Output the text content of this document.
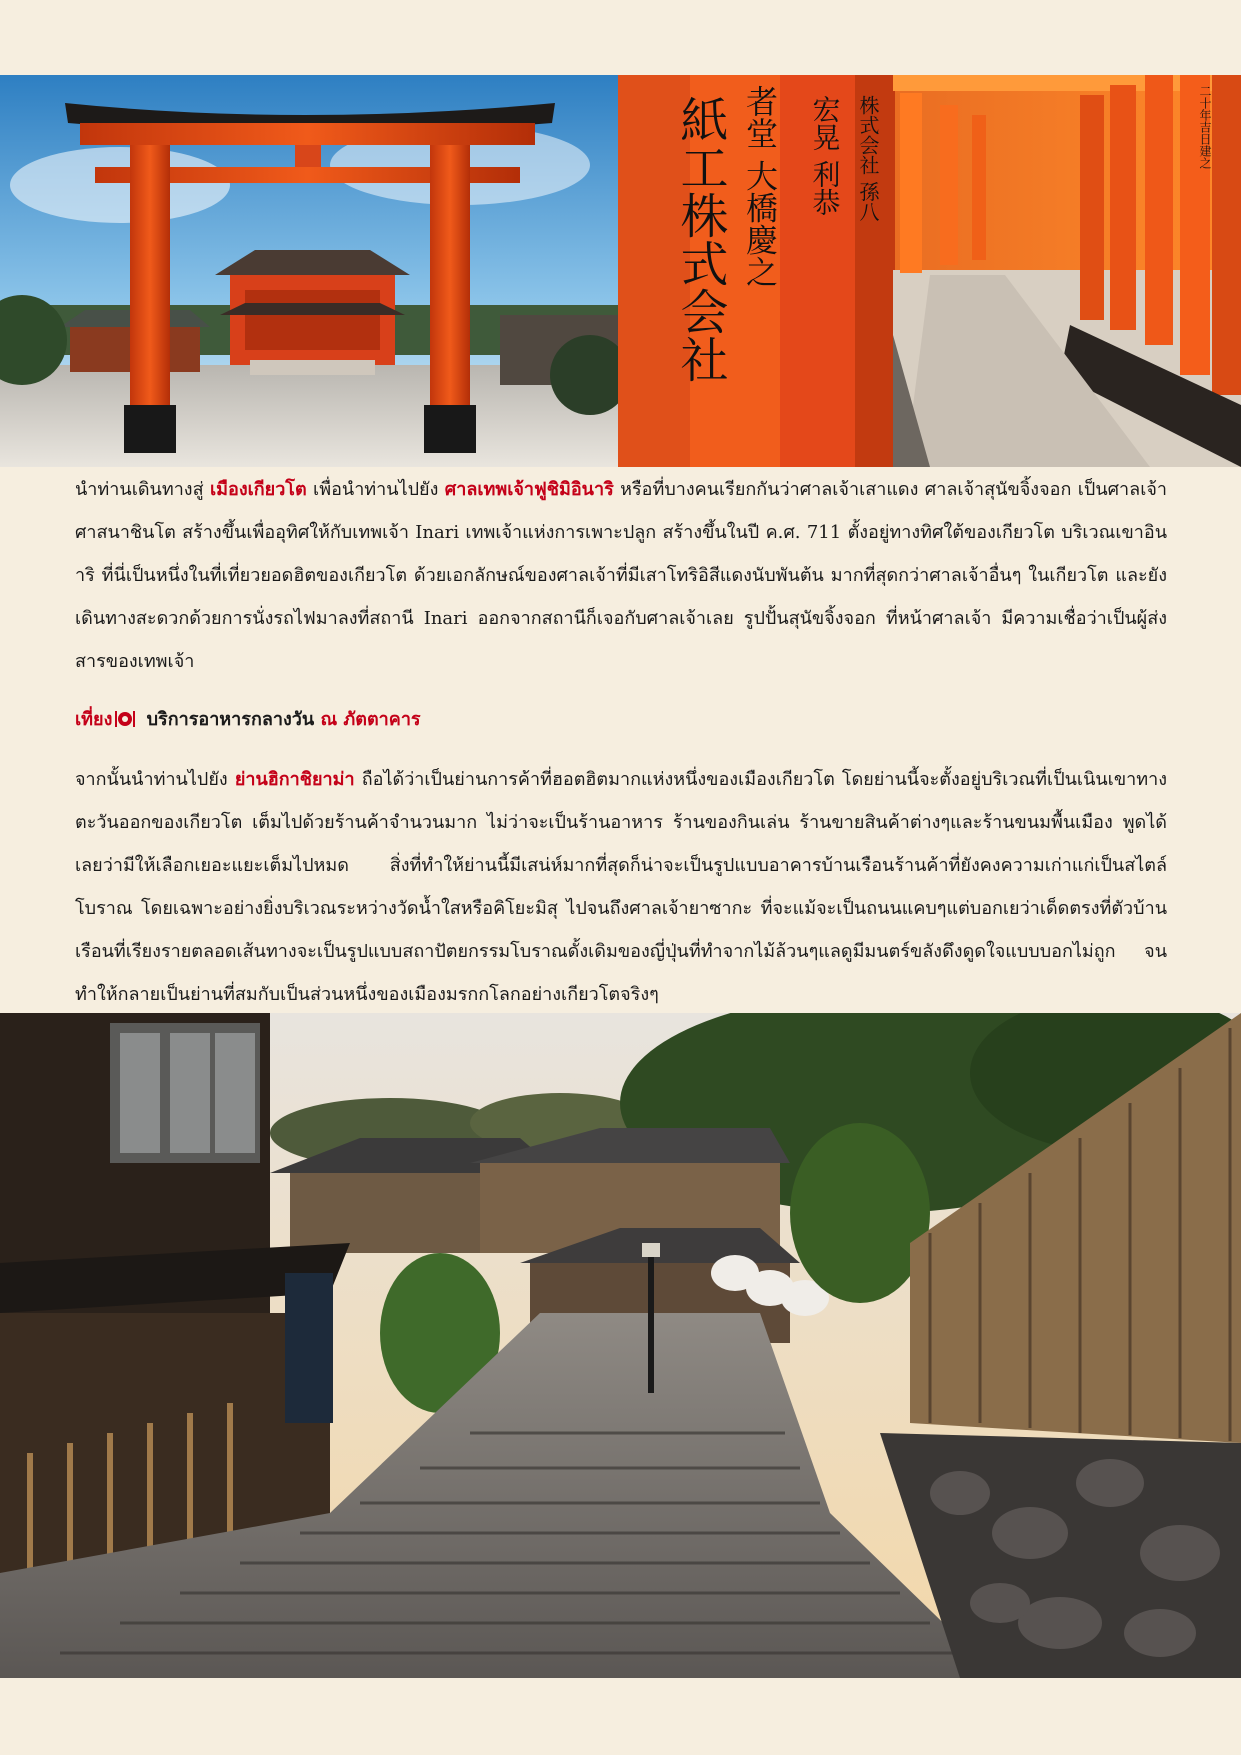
紙工株式会社 者堂 大橋慶之 宏晃 利恭 株式会社 孫八	二十年吉日建之
นำท่านเดินทางสู่ เมืองเกียวโต เพื่อนำท่านไปยัง ศาลเทพเจ้าฟูชิมิอินาริ หรือที่บางคนเรียกกันว่าศาลเจ้าเสาแดง ศาลเจ้าสุนัขจิ้งจอก เป็นศาลเจ้าศาสนาชินโต สร้างขึ้นเพื่ออุทิศให้กับเทพเจ้า Inari เทพเจ้าแห่งการเพาะปลูก สร้างขึ้นในปี ค.ศ. 711 ตั้งอยู่ทางทิศใต้ของเกียวโต บริเวณเขาอินาริ ที่นี่เป็นหนึ่งในที่เที่ยวยอดฮิตของเกียวโต ด้วยเอกลักษณ์ของศาลเจ้าที่มีเสาโทริอิสีแดงนับพันต้น มากที่สุดกว่าศาลเจ้าอื่นๆ ในเกียวโต และยังเดินทางสะดวกด้วยการนั่งรถไฟมาลงที่สถานี Inari ออกจากสถานีก็เจอกับศาลเจ้าเลย รูปปั้นสุนัขจิ้งจอก ที่หน้าศาลเจ้า มีความเชื่อว่าเป็นผู้ส่งสารของเทพเจ้า
เที่ยง บริการอาหารกลางวัน ณ ภัตตาคาร
จากนั้นนำท่านไปยัง ย่านฮิกาชิยาม่า ถือได้ว่าเป็นย่านการค้าที่ฮอตฮิตมากแห่งหนึ่งของเมืองเกียวโต โดยย่านนี้จะตั้งอยู่บริเวณที่เป็นเนินเขาทางตะวันออกของเกียวโต เต็มไปด้วยร้านค้าจำนวนมาก ไม่ว่าจะเป็นร้านอาหาร ร้านของกินเล่น ร้านขายสินค้าต่างๆและร้านขนมพื้นเมือง พูดได้เลยว่ามีให้เลือกเยอะแยะเต็มไปหมด สิ่งที่ทำให้ย่านนี้มีเสน่ห์มากที่สุดก็น่าจะเป็นรูปแบบอาคารบ้านเรือนร้านค้าที่ยังคงความเก่าแก่เป็นสไตล์โบราณ โดยเฉพาะอย่างยิ่งบริเวณระหว่างวัดน้ำใสหรือคิโยะมิสุ ไปจนถึงศาลเจ้ายาซากะ ที่จะแม้จะเป็นถนนแคบๆแต่บอกเยว่าเด็ดตรงที่ตัวบ้านเรือนที่เรียงรายตลอดเส้นทางจะเป็นรูปแบบสถาปัตยกรรมโบราณดั้งเดิมของญี่ปุ่นที่ทำจากไม้ล้วนๆแลดูมีมนตร์ขลังดึงดูดใจแบบบอกไม่ถูก จนทำให้กลายเป็นย่านที่สมกับเป็นส่วนหนึ่งของเมืองมรกกโลกอย่างเกียวโตจริงๆ
